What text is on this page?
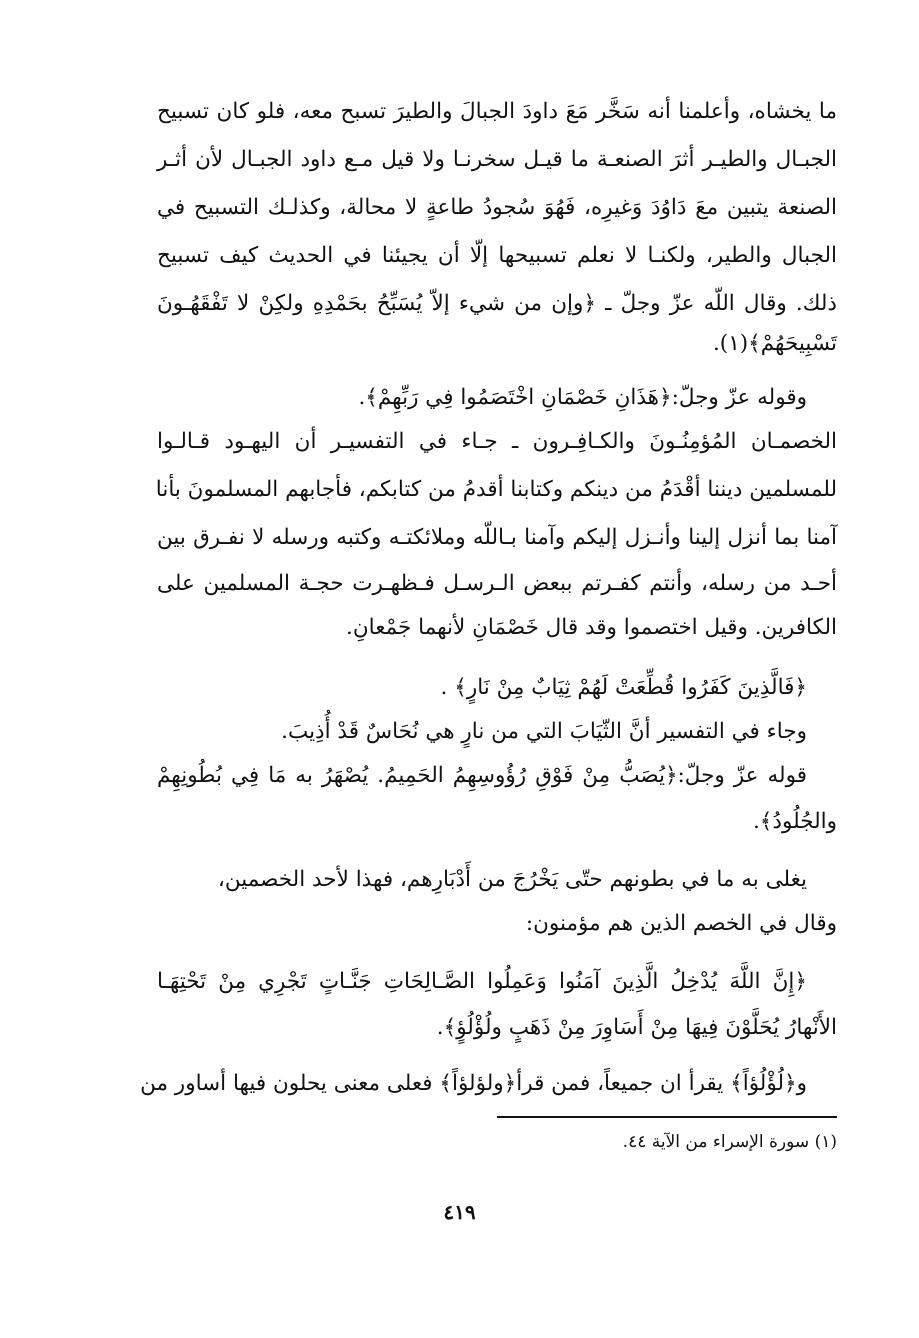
ما يخشاه، وأعلمنا أنه سَخَّر مَعَ داودَ الجبالَ والطيرَ تسبح معه، فلو كان تسبيح
الجبـال والطيـر أثرَ الصنعـة ما قيـل سخرنـا ولا قيل مـع داود الجبـال لأن أثـر
الصنعة يتبين معَ دَاوُدَ وَغيرِه، فَهُوَ سُجودُ طاعةٍ لا محالة، وكذلـك التسبيح في
الجبال والطير، ولكنـا لا نعلم تسبيحها إلّا أن يجيئنا في الحديث كيف تسبيح
ذلك. وقال اللّه عزّ وجلّ ـ ﴿وإن من شيء إلاّ يُسَبِّحُ بحَمْدِهِ ولكِنْ لا تَفْقَهُـونَ
تَسْبِيحَهُمْ﴾(١).
وقوله عزّ وجلّ:﴿هَذَانِ خَصْمَانِ اخْتَصَمُوا فِي رَبِّهِمْ﴾.
الخصمـان المُؤمِنُـونَ والكـافِـرون ـ جـاء في التفسيـر أن اليهـود قـالـوا
للمسلمين ديننا أقْدَمُ من دينكم وكتابنا أقدمُ من كتابكم، فأجابهم المسلمونَ بأنا
آمنا بما أنزل إلينا وأنـزل إليكم وآمنا بـاللّه وملائكتـه وكتبه ورسله لا نفـرق بين
أحـد من رسله، وأنتم كفـرتم ببعض الـرسـل فـظهـرت حجـة المسلمين على
الكافرين. وقيل اختصموا وقد قال خَصْمَانِ لأنهما جَمْعانِ.
﴿فَالَّذِينَ كَفَرُوا قُطِّعَتْ لَهُمْ ثِيَابٌ مِنْ نَارٍ﴾ .
وجاء في التفسير أنَّ الثّيَابَ التي من نارٍ هي نُحَاسٌ قَدْ أُذِيبَ.
قوله عزّ وجلّ:﴿يُصَبُّ مِنْ فَوْقِ رُؤُوسِهِمُ الحَمِيمُ. يُصْهَرُ به مَا فِي بُطُونِهِمْ
والجُلُودُ﴾.
يغلى به ما في بطونهم حتّى يَخْرُجَ من أَدْبَارِهم، فهذا لأحد الخصمين،
وقال في الخصم الذين هم مؤمنون:
﴿إِنَّ اللَّهَ يُدْخِلُ الَّذِينَ آمَنُوا وَعَمِلُوا الصَّـالِحَاتِ جَنَّـاتٍ تَجْرِي مِنْ تَحْتِهَـا
الأَنْهارُ يُحَلَّوْنَ فِيهَا مِنْ أَسَاوِرَ مِنْ ذَهَبٍ ولُؤْلُؤٍ﴾.
و﴿لُؤْلُؤاً﴾ يقرأ ان جميعاً، فمن قرأ﴿ولؤلؤاً﴾ فعلى معنى يحلون فيها أساور من
(١) سورة الإسراء من الآية ٤٤.
٤١٩
